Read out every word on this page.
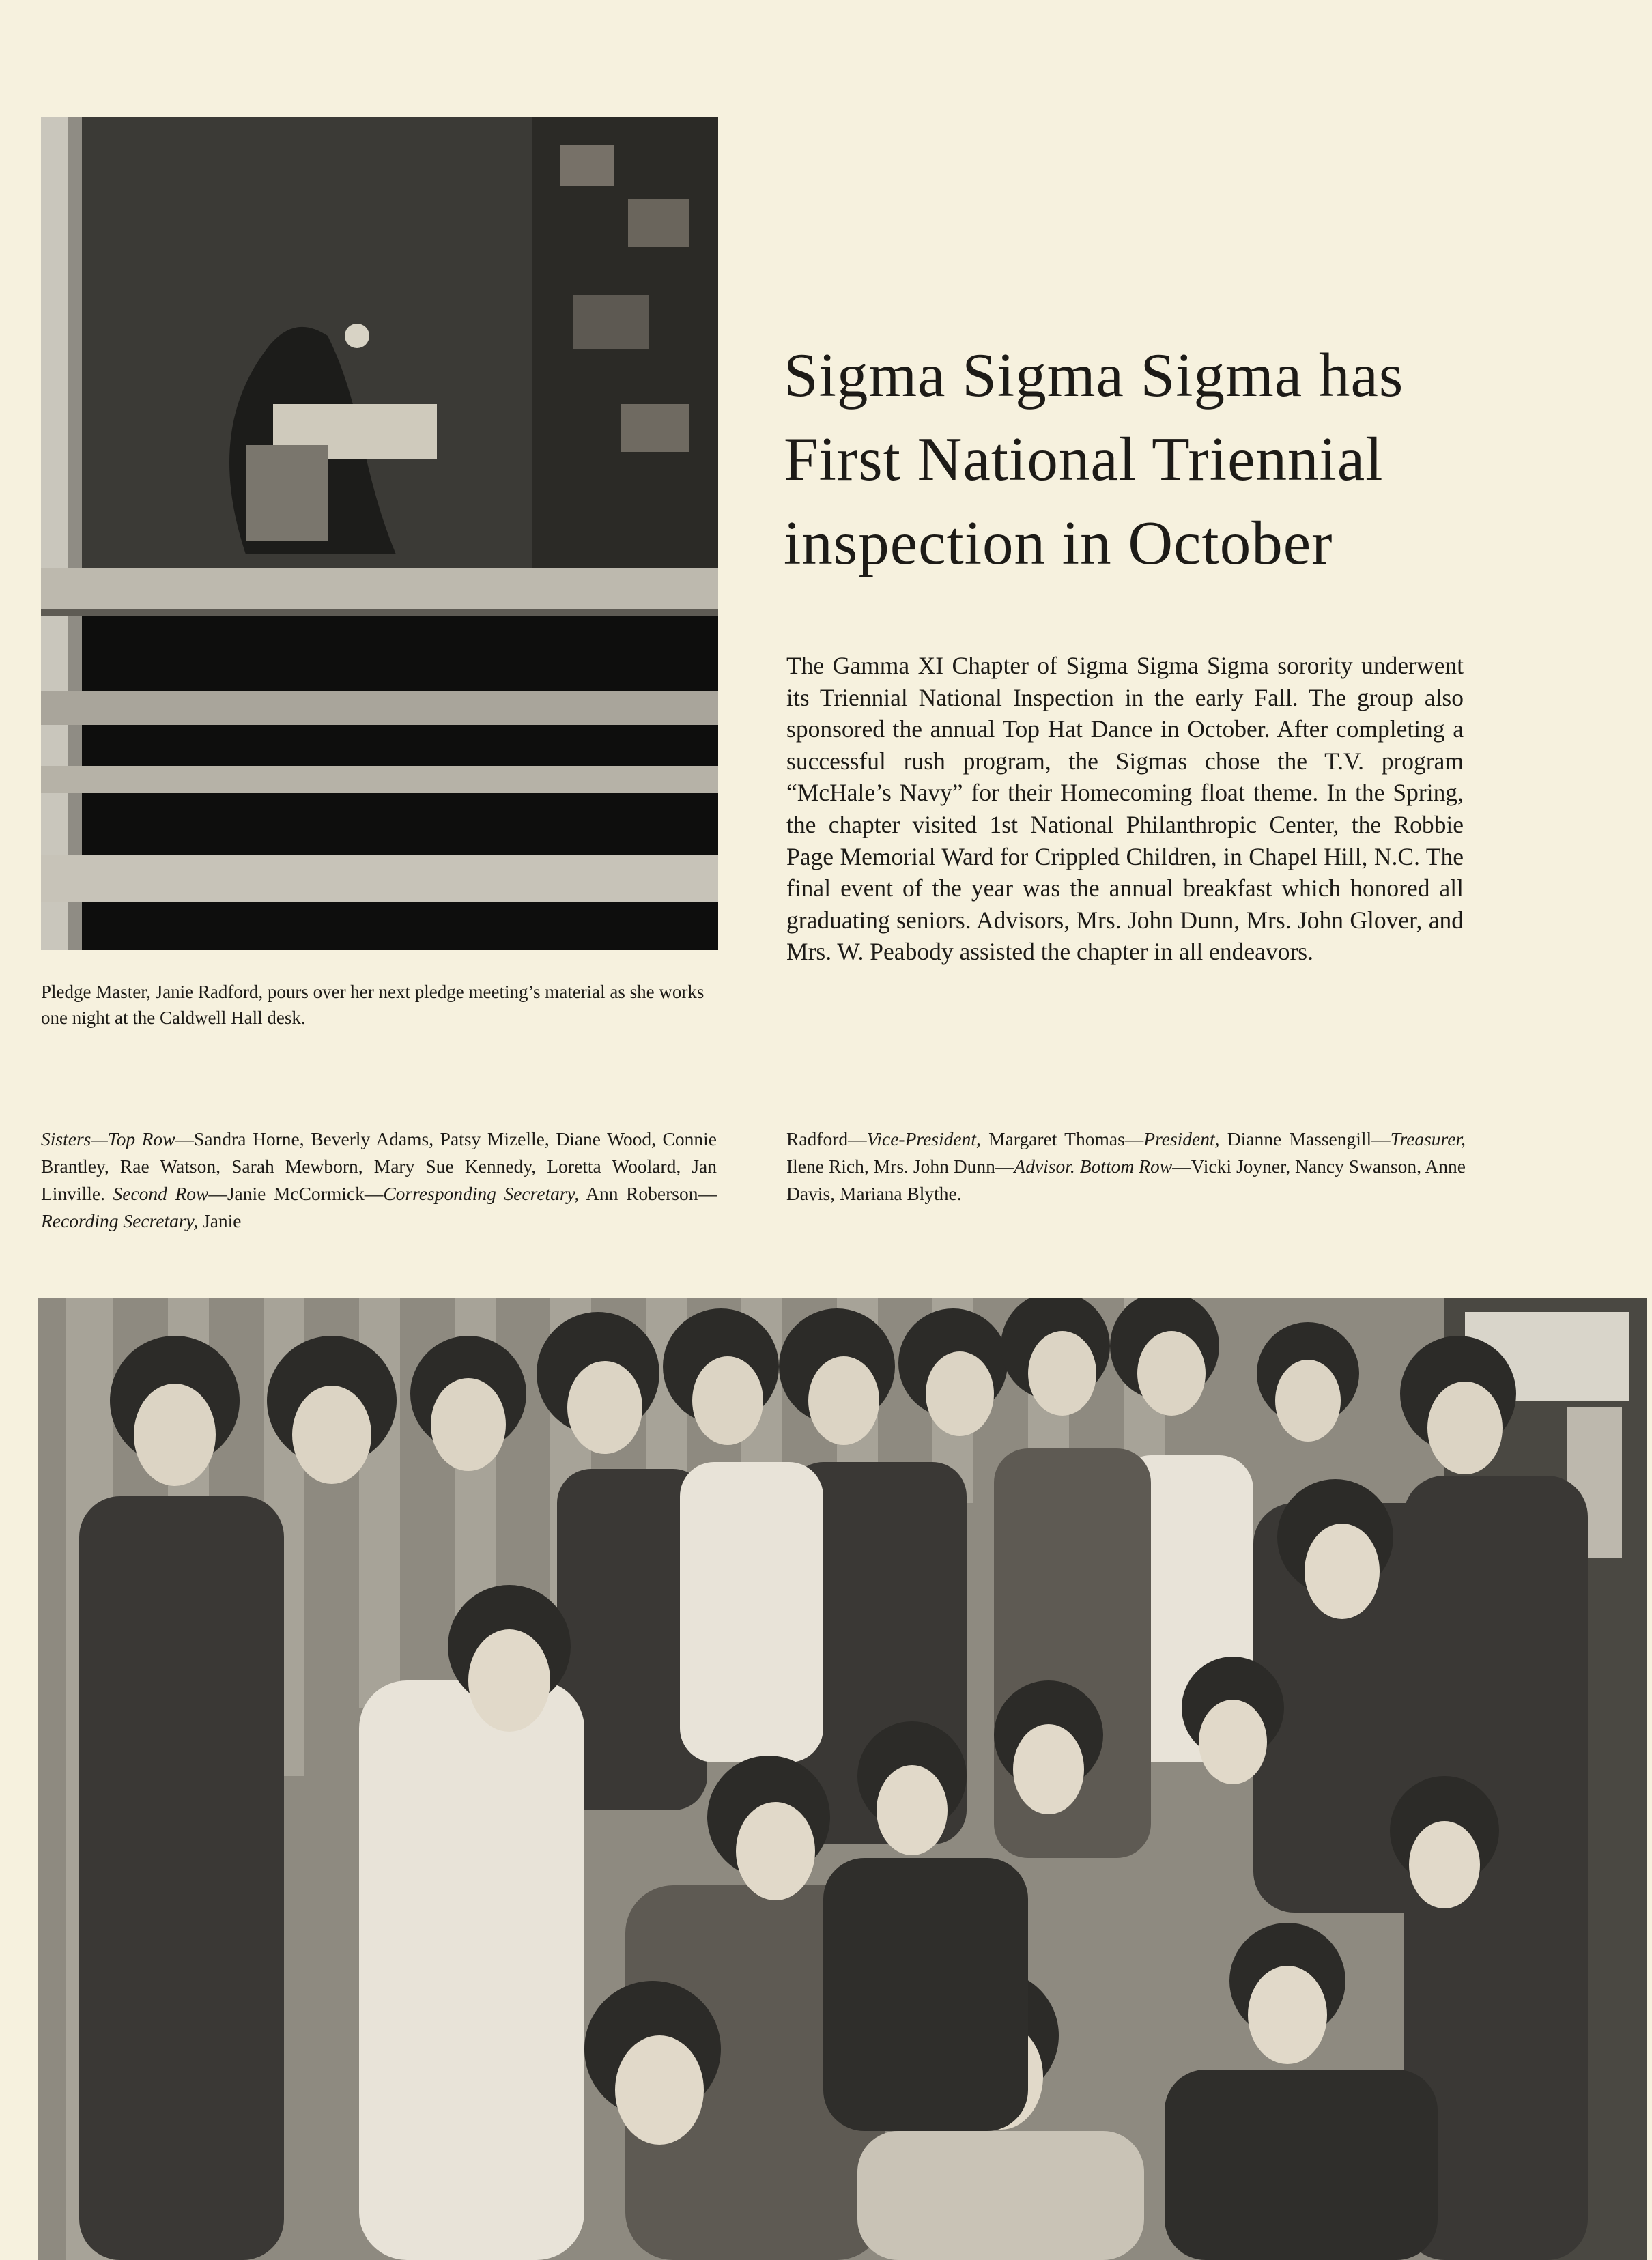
Sigma Sigma Sigma has
First National Triennial
inspection in October

The Gamma XI Chapter of Sigma Sigma Sigma sorority underwent its Triennial National Inspection in the early Fall. The group also sponsored the annual Top Hat Dance in October. After completing a successful rush program, the Sigmas chose the T.V. program “McHale’s Navy” for their Homecoming float theme. In the Spring, the chapter visited 1st National Philanthropic Center, the Robbie Page Memorial Ward for Crippled Children, in Chapel Hill, N.C. The final event of the year was the annual breakfast which honored all graduating seniors. Advisors, Mrs. John Dunn, Mrs. John Glover, and Mrs. W. Peabody assisted the chapter in all endeavors.

Pledge Master, Janie Radford, pours over her next pledge meeting’s material as she works one night at the Caldwell Hall desk.

Sisters—Top Row—Sandra Horne, Beverly Adams, Patsy Mizelle, Diane Wood, Connie Brantley, Rae Watson, Sarah Mewborn, Mary Sue Kennedy, Loretta Woolard, Jan Linville. Second Row—Janie McCormick—Corresponding Secretary, Ann Roberson—Recording Secretary, Janie

Radford—Vice-President, Margaret Thomas—President, Dianne Massengill—Treasurer, Ilene Rich, Mrs. John Dunn—Advisor. Bottom Row—Vicki Joyner, Nancy Swanson, Anne Davis, Mariana Blythe.
